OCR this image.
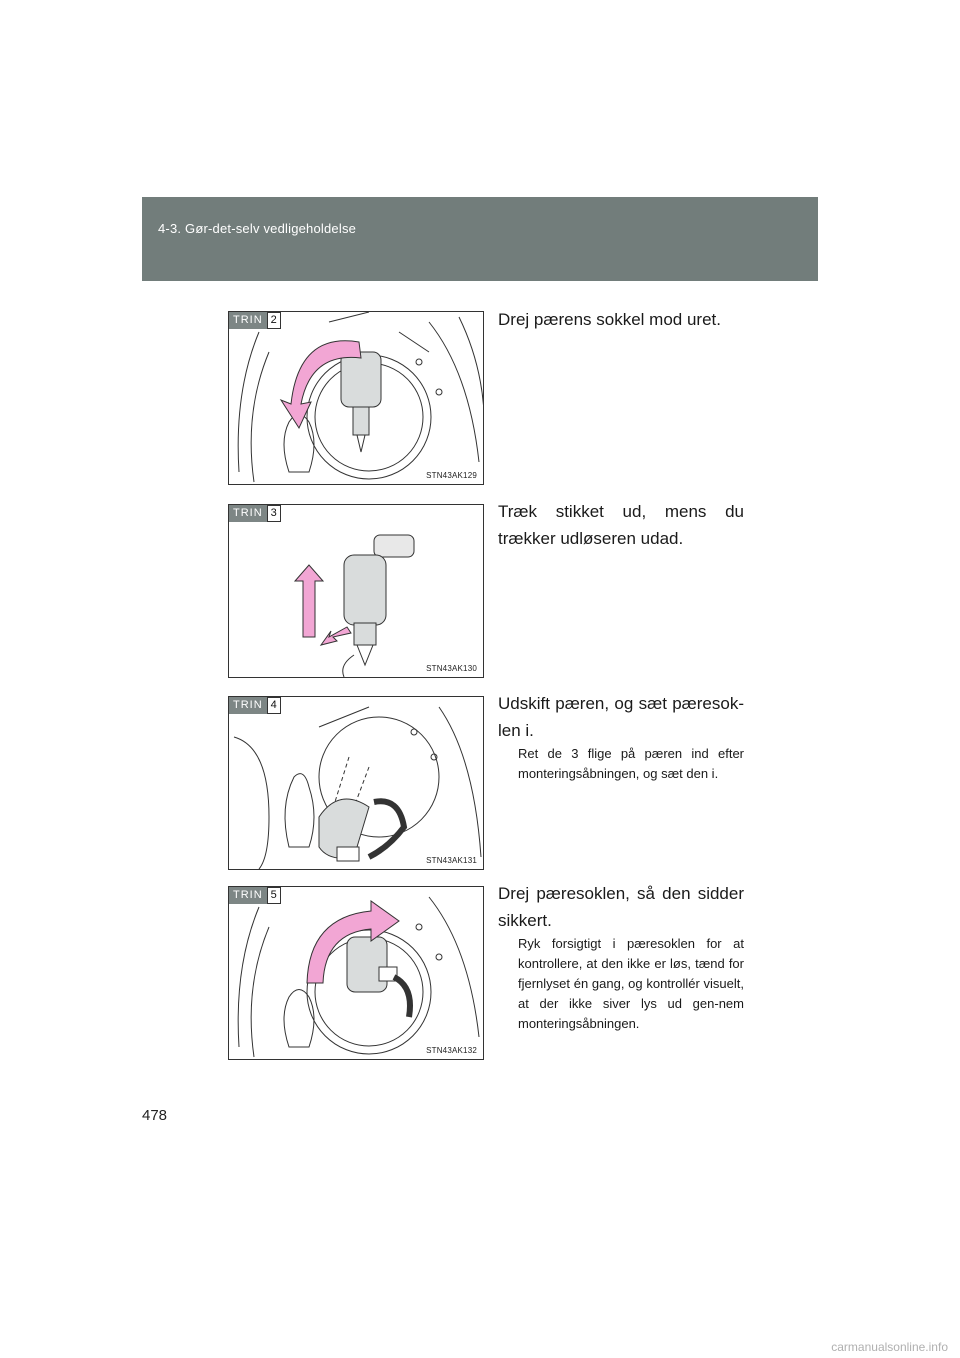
4-3. Gør-det-selv vedligeholdelse
TRIN 2
STN43AK129
Drej pærens sokkel mod uret.
TRIN 3
STN43AK130
Træk stikket ud, mens du trækker udløseren udad.
TRIN 4
STN43AK131
Udskift pæren, og sæt pæresok-len i.
Ret de 3 flige på pæren ind efter monteringsåbningen, og sæt den i.
TRIN 5
STN43AK132
Drej pæresoklen, så den sidder sikkert.
Ryk forsigtigt i pæresoklen for at kontrollere, at den ikke er løs, tænd for fjernlyset én gang, og kontrollér visuelt, at der ikke siver lys ud gen-nem monteringsåbningen.
478
carmanualsonline.info
